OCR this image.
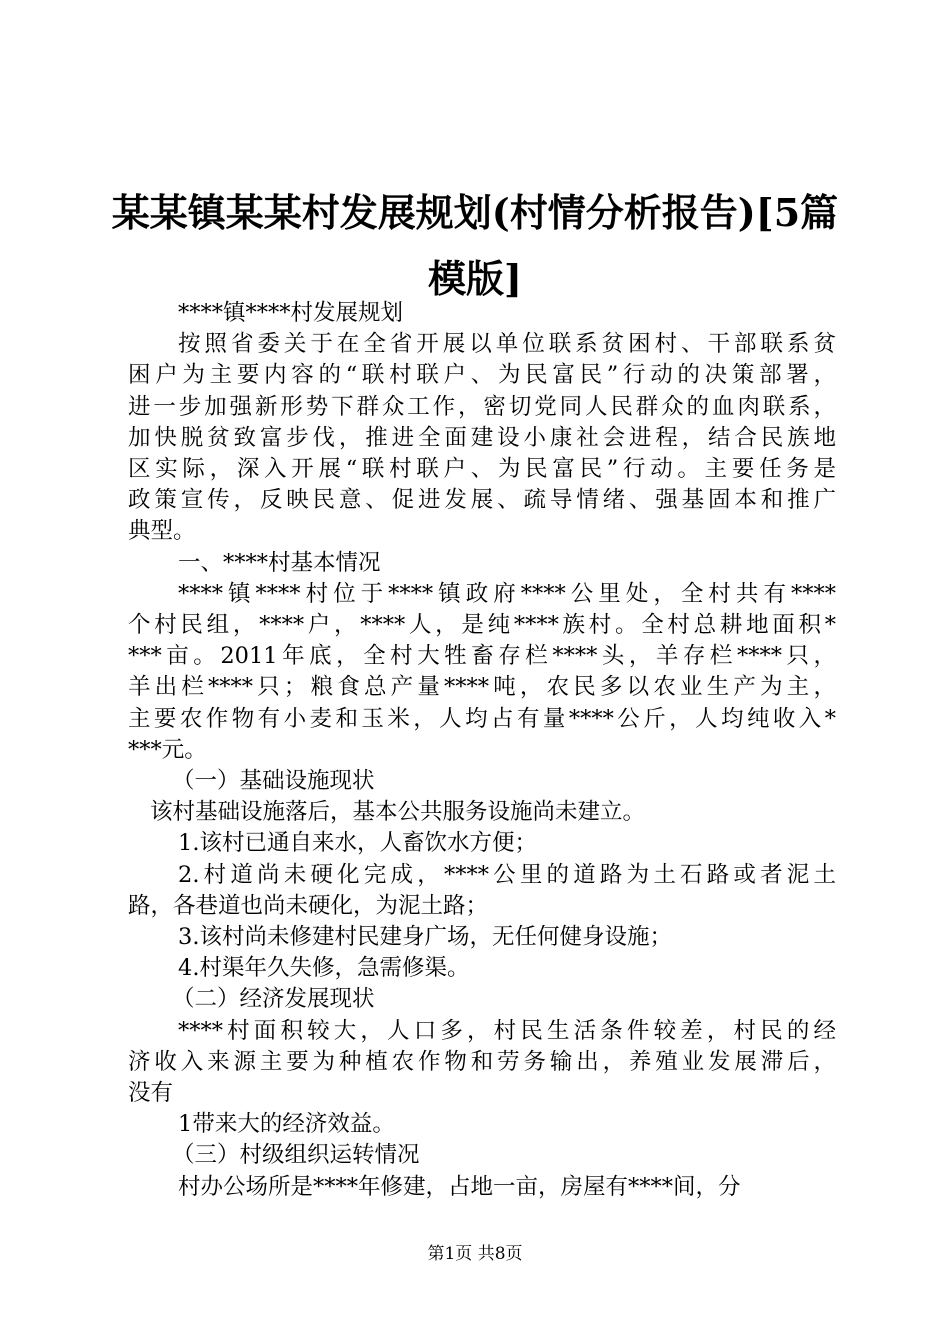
某某镇某某村发展规划(村情分析报告)[5篇
模版]
****镇****村发展规划
按照省委关于在全省开展以单位联系贫困村、干部联系贫
困户为主要内容的“联村联户、为民富民”行动的决策部署，
进一步加强新形势下群众工作，密切党同人民群众的血肉联系，
加快脱贫致富步伐，推进全面建设小康社会进程，结合民族地
区实际，深入开展“联村联户、为民富民”行动。主要任务是
政策宣传，反映民意、促进发展、疏导情绪、强基固本和推广
典型。
一、****村基本情况
****镇****村位于****镇政府****公里处，全村共有****
个村民组，****户，****人，是纯****族村。全村总耕地面积*
***亩。2011年底，全村大牲畜存栏****头，羊存栏****只，
羊出栏****只；粮食总产量****吨，农民多以农业生产为主，
主要农作物有小麦和玉米，人均占有量****公斤，人均纯收入*
***元。
（一）基础设施现状
该村基础设施落后，基本公共服务设施尚未建立。
1.该村已通自来水，人畜饮水方便；
2.村道尚未硬化完成，****公里的道路为土石路或者泥土
路，各巷道也尚未硬化，为泥土路；
3.该村尚未修建村民建身广场，无任何健身设施；
4.村渠年久失修，急需修渠。
（二）经济发展现状
****村面积较大，人口多，村民生活条件较差，村民的经
济收入来源主要为种植农作物和劳务输出，养殖业发展滞后，
没有
1带来大的经济效益。
（三）村级组织运转情况
村办公场所是****年修建，占地一亩，房屋有****间，分
第1页 共8页
